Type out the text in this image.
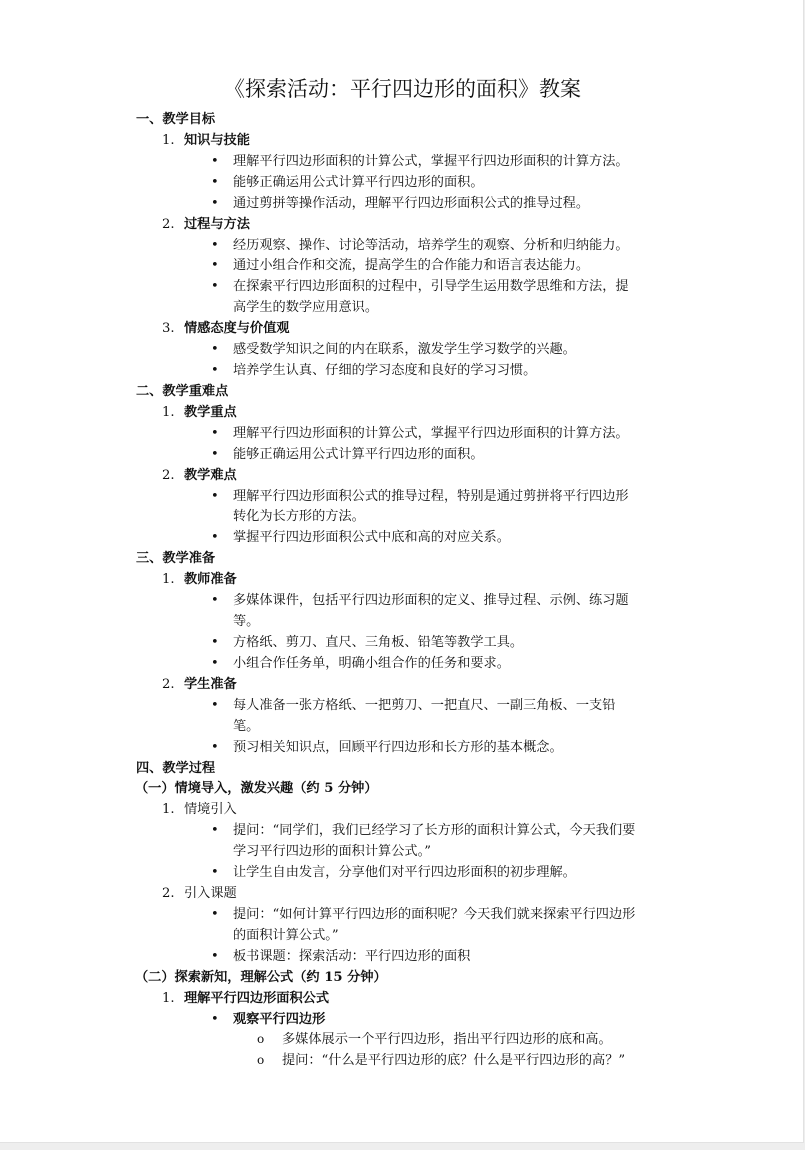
《探索活动：平行四边形的面积》教案
一、教学目标
1. 知识与技能
• 理解平行四边形面积的计算公式，掌握平行四边形面积的计算方法。
• 能够正确运用公式计算平行四边形的面积。
• 通过剪拼等操作活动，理解平行四边形面积公式的推导过程。
2. 过程与方法
• 经历观察、操作、讨论等活动，培养学生的观察、分析和归纳能力。
• 通过小组合作和交流，提高学生的合作能力和语言表达能力。
• 在探索平行四边形面积的过程中，引导学生运用数学思维和方法，提
高学生的数学应用意识。
3. 情感态度与价值观
• 感受数学知识之间的内在联系，激发学生学习数学的兴趣。
• 培养学生认真、仔细的学习态度和良好的学习习惯。
二、教学重难点
1. 教学重点
• 理解平行四边形面积的计算公式，掌握平行四边形面积的计算方法。
• 能够正确运用公式计算平行四边形的面积。
2. 教学难点
• 理解平行四边形面积公式的推导过程，特别是通过剪拼将平行四边形
转化为长方形的方法。
• 掌握平行四边形面积公式中底和高的对应关系。
三、教学准备
1. 教师准备
• 多媒体课件，包括平行四边形面积的定义、推导过程、示例、练习题
等。
• 方格纸、剪刀、直尺、三角板、铅笔等教学工具。
• 小组合作任务单，明确小组合作的任务和要求。
2. 学生准备
• 每人准备一张方格纸、一把剪刀、一把直尺、一副三角板、一支铅
笔。
• 预习相关知识点，回顾平行四边形和长方形的基本概念。
四、教学过程
（一）情境导入，激发兴趣（约 5 分钟）
1. 情境引入
• 提问：“同学们，我们已经学习了长方形的面积计算公式，今天我们要
学习平行四边形的面积计算公式。”
• 让学生自由发言，分享他们对平行四边形面积的初步理解。
2. 引入课题
• 提问：“如何计算平行四边形的面积呢？今天我们就来探索平行四边形
的面积计算公式。”
• 板书课题：探索活动：平行四边形的面积
（二）探索新知，理解公式（约 15 分钟）
1. 理解平行四边形面积公式
• 观察平行四边形
o 多媒体展示一个平行四边形，指出平行四边形的底和高。
o 提问：“什么是平行四边形的底？什么是平行四边形的高？”
